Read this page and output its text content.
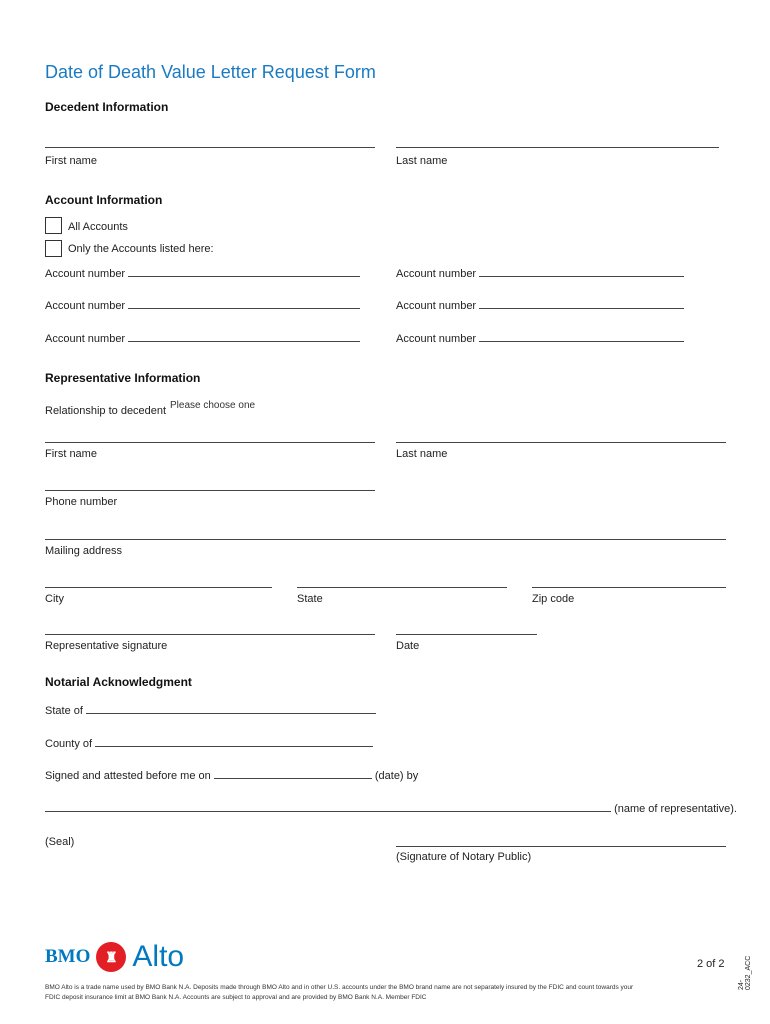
Date of Death Value Letter Request Form
Decedent Information
First name	Last name
Account Information
All Accounts
Only the Accounts listed here:
Account number	Account number
Account number	Account number
Account number	Account number
Representative Information
Relationship to decedent Please choose one
First name	Last name
Phone number
Mailing address
City	State	Zip code
Representative signature	Date
Notarial Acknowledgment
State of
County of
Signed and attested before me on	(date) by
(name of representative).
(Seal)
(Signature of Notary Public)
BMO	♜ Alto	2 of 2
24-0232_ACC
BMO Alto is a trade name used by BMO Bank N.A. Deposits made through BMO Alto and in other U.S. accounts under the BMO brand name are not separately insured by the FDIC and count towards your FDIC deposit insurance limit at BMO Bank N.A. Accounts are subject to approval and are provided by BMO Bank N.A. Member FDIC
